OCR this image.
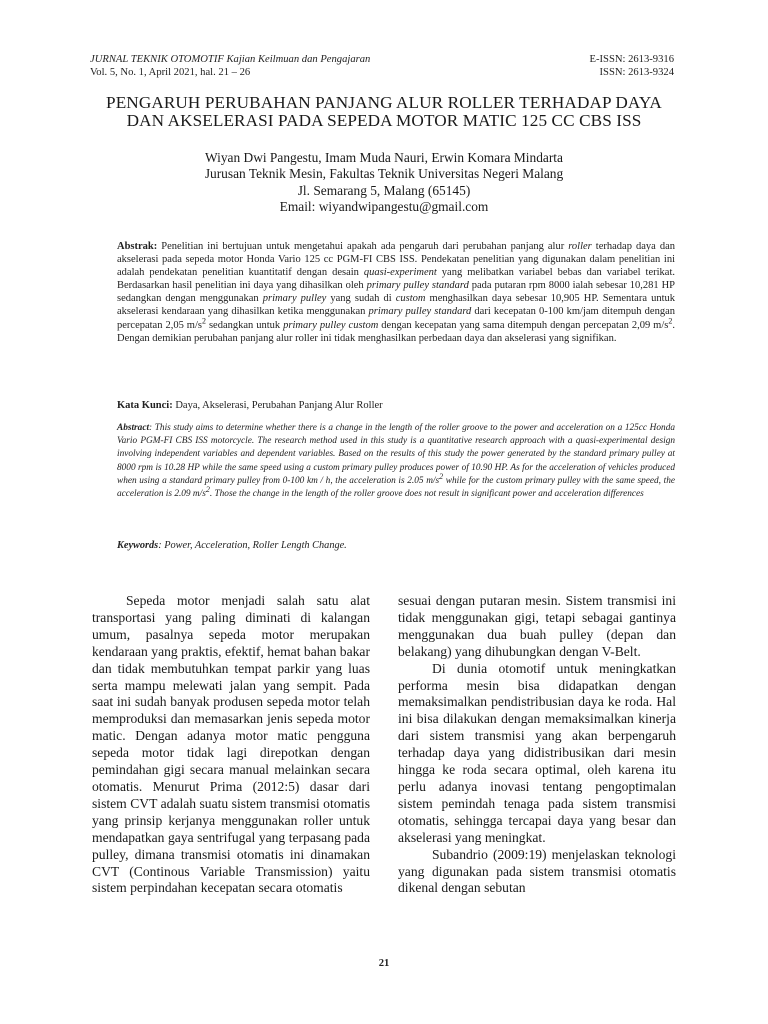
JURNAL TEKNIK OTOMOTIF Kajian Keilmuan dan Pengajaran
Vol. 5, No. 1, April 2021, hal. 21 – 26
E-ISSN: 2613-9316
ISSN: 2613-9324
PENGARUH PERUBAHAN PANJANG ALUR ROLLER TERHADAP DAYA
DAN AKSELERASI PADA SEPEDA MOTOR MATIC 125 CC CBS ISS
Wiyan Dwi Pangestu, Imam Muda Nauri, Erwin Komara Mindarta
Jurusan Teknik Mesin, Fakultas Teknik Universitas Negeri Malang
Jl. Semarang 5, Malang (65145)
Email: wiyandwipangestu@gmail.com
Abstrak: Penelitian ini bertujuan untuk mengetahui apakah ada pengaruh dari perubahan panjang alur roller terhadap daya dan akselerasi pada sepeda motor Honda Vario 125 cc PGM-FI CBS ISS. Pendekatan penelitian yang digunakan dalam penelitian ini adalah pendekatan penelitian kuantitatif dengan desain quasi-experiment yang melibatkan variabel bebas dan variabel terikat. Berdasarkan hasil penelitian ini daya yang dihasilkan oleh primary pulley standard pada putaran rpm 8000 ialah sebesar 10,281 HP sedangkan dengan menggunakan primary pulley yang sudah di custom menghasilkan daya sebesar 10,905 HP. Sementara untuk akselerasi kendaraan yang dihasilkan ketika menggunakan primary pulley standard dari kecepatan 0-100 km/jam ditempuh dengan percepatan 2,05 $m/s^2$ sedangkan untuk primary pulley custom dengan kecepatan yang sama ditempuh dengan percepatan 2,09 $m/s^2$. Dengan demikian perubahan panjang alur roller ini tidak menghasilkan perbedaan daya dan akselerasi yang signifikan.
Kata Kunci: Daya, Akselerasi, Perubahan Panjang Alur Roller
Abstract: This study aims to determine whether there is a change in the length of the roller groove to the power and acceleration on a 125cc Honda Vario PGM-FI CBS ISS motorcycle. The research method used in this study is a quantitative research approach with a quasi-experimental design involving independent variables and dependent variables. Based on the results of this study the power generated by the standard primary pulley at 8000 rpm is 10.28 HP while the same speed using a custom primary pulley produces power of 10.90 HP. As for the acceleration of vehicles produced when using a standard primary pulley from 0-100 km / h, the acceleration is 2.05 $m/s^2$ while for the custom primary pulley with the same speed, the acceleration is 2.09 $m/s^2$. Those the change in the length of the roller groove does not result in significant power and acceleration differences
Keywords: Power, Acceleration, Roller Length Change.

Sepeda motor menjadi salah satu alat transportasi yang paling diminati di kalangan umum, pasalnya sepeda motor merupakan kendaraan yang praktis, efektif, hemat bahan bakar dan tidak membutuhkan tempat parkir yang luas serta mampu melewati jalan yang sempit. Pada saat ini sudah banyak produsen sepeda motor telah memproduksi dan memasarkan jenis sepeda motor matic. Dengan adanya motor matic pengguna sepeda motor tidak lagi direpotkan dengan pemindahan gigi secara manual melainkan secara otomatis. Menurut Prima (2012:5) dasar dari sistem CVT adalah suatu sistem transmisi otomatis yang prinsip kerjanya menggunakan roller untuk mendapatkan gaya sentrifugal yang terpasang pada pulley, dimana transmisi otomatis ini dinamakan CVT (Continous Variable Transmission) yaitu sistem perpindahan kecepatan secara otomatis

sesuai dengan putaran mesin. Sistem transmisi ini tidak menggunakan gigi, tetapi sebagai gantinya menggunakan dua buah pulley (depan dan belakang) yang dihubungkan dengan V-Belt.

Di dunia otomotif untuk meningkatkan performa mesin bisa didapatkan dengan memaksimalkan pendistribusian daya ke roda. Hal ini bisa dilakukan dengan memaksimalkan kinerja dari sistem transmisi yang akan berpengaruh terhadap daya yang didistribusikan dari mesin hingga ke roda secara optimal, oleh karena itu perlu adanya inovasi tentang pengoptimalan sistem pemindah tenaga pada sistem transmisi otomatis, sehingga tercapai daya yang besar dan akselerasi yang meningkat.

Subandrio (2009:19) menjelaskan teknologi yang digunakan pada sistem transmisi otomatis dikenal dengan sebutan

21
